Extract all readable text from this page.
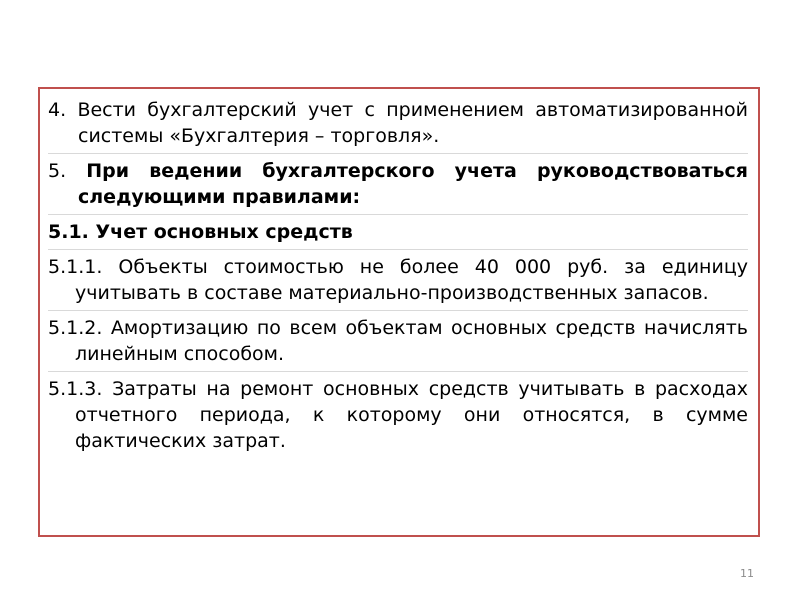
4. Вести бухгалтерский учет с применением автоматизированной системы «Бухгалтерия – торговля».

5. При ведении бухгалтерского учета руководствоваться следующими правилами:

5.1. Учет основных средств

5.1.1. Объекты стоимостью не более 40 000 руб. за единицу учитывать в составе материально-производственных запасов.

5.1.2. Амортизацию по всем объектам основных средств начислять линейным способом.

5.1.3. Затраты на ремонт основных средств учитывать в расходах отчетного периода, к которому они относятся, в сумме фактических затрат.

11
